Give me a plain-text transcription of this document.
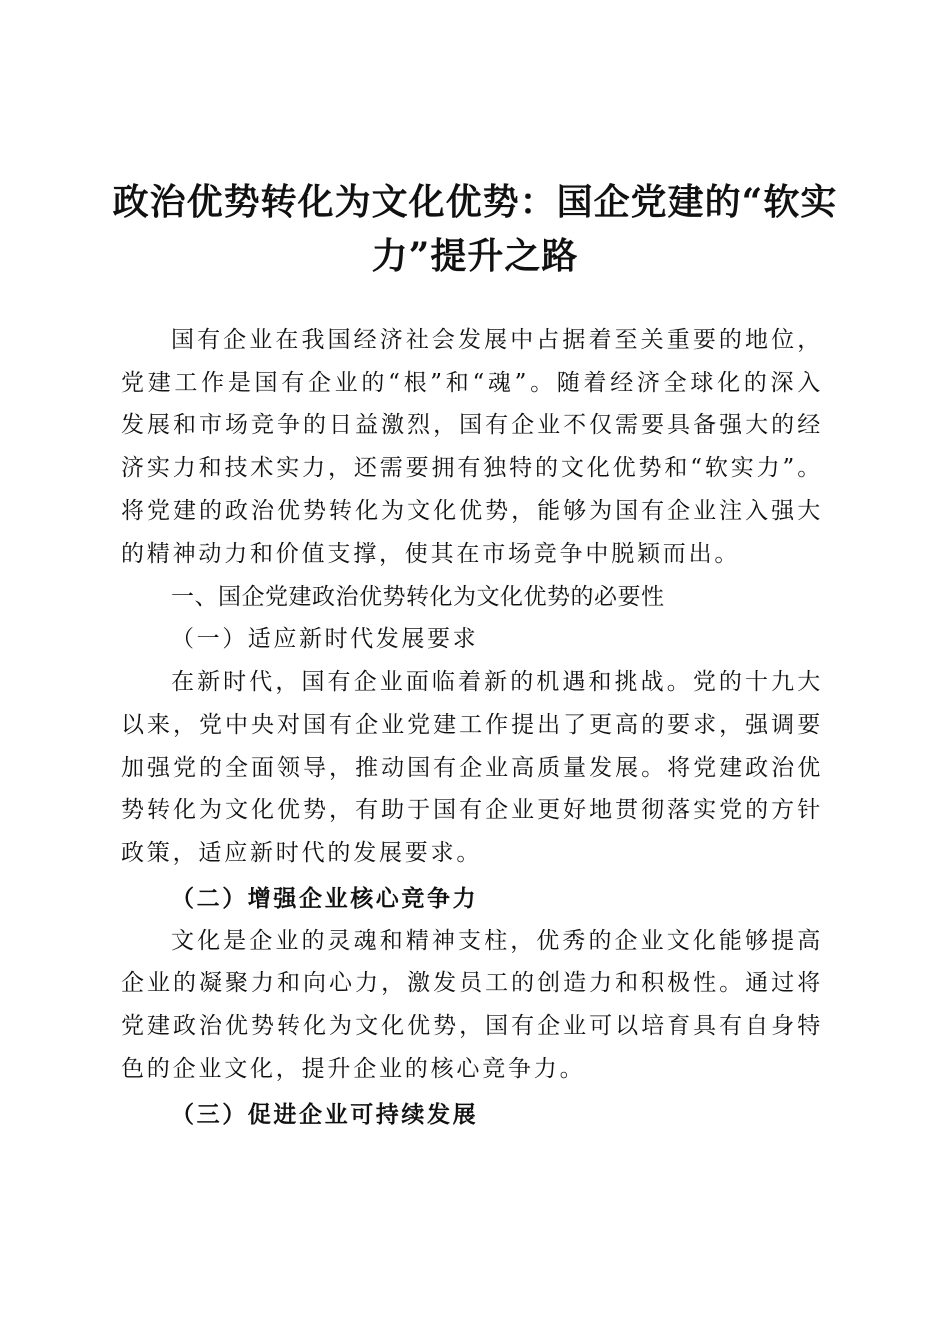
政治优势转化为文化优势：国企党建的“软实力”提升之路

国有企业在我国经济社会发展中占据着至关重要的地位，党建工作是国有企业的“根”和“魂”。随着经济全球化的深入发展和市场竞争的日益激烈，国有企业不仅需要具备强大的经济实力和技术实力，还需要拥有独特的文化优势和“软实力”。将党建的政治优势转化为文化优势，能够为国有企业注入强大的精神动力和价值支撑，使其在市场竞争中脱颖而出。

一、国企党建政治优势转化为文化优势的必要性

（一）适应新时代发展要求

在新时代，国有企业面临着新的机遇和挑战。党的十九大以来，党中央对国有企业党建工作提出了更高的要求，强调要加强党的全面领导，推动国有企业高质量发展。将党建政治优势转化为文化优势，有助于国有企业更好地贯彻落实党的方针政策，适应新时代的发展要求。

（二）增强企业核心竞争力

文化是企业的灵魂和精神支柱，优秀的企业文化能够提高企业的凝聚力和向心力，激发员工的创造力和积极性。通过将党建政治优势转化为文化优势，国有企业可以培育具有自身特色的企业文化，提升企业的核心竞争力。

（三）促进企业可持续发展
